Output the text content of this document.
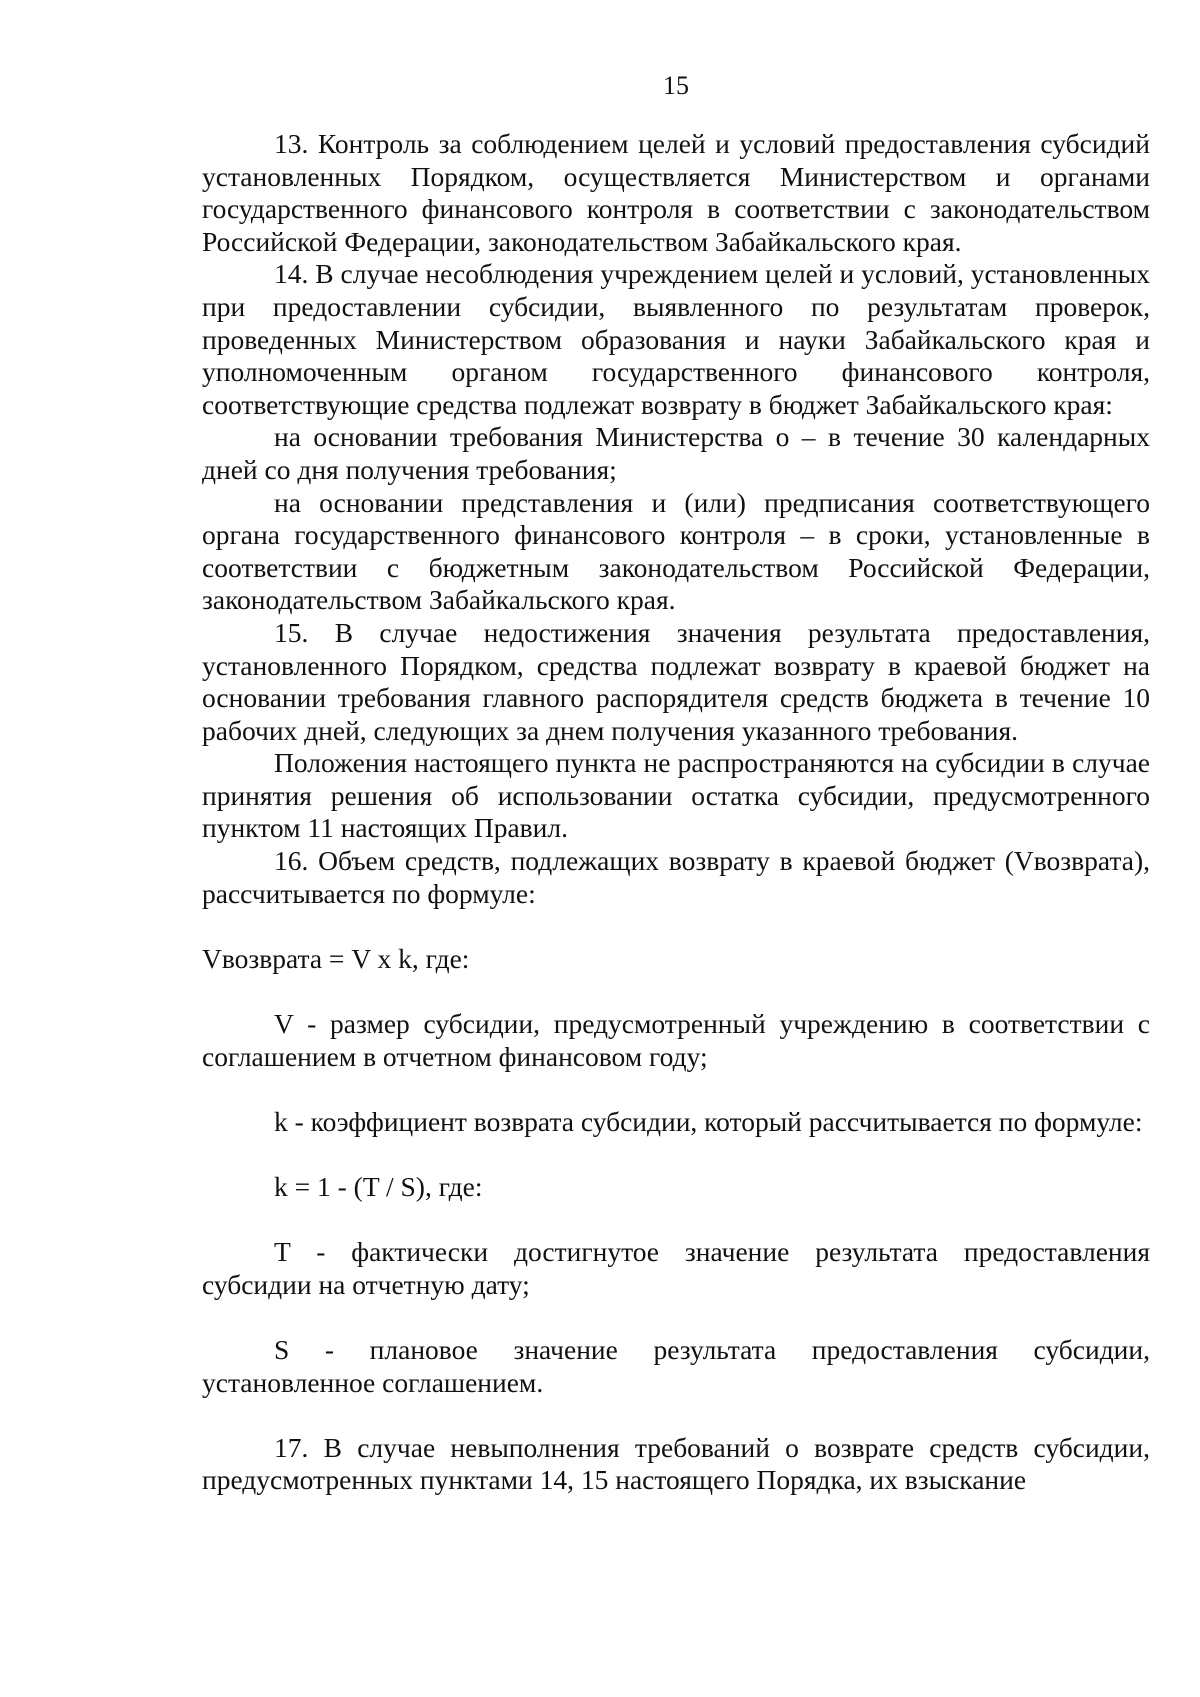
15

13. Контроль за соблюдением целей и условий предоставления субсидий установленных Порядком, осуществляется Министерством и органами государственного финансового контроля в соответствии с законодательством Российской Федерации, законодательством Забайкальского края.

14. В случае несоблюдения учреждением целей и условий, установленных при предоставлении субсидии, выявленного по результатам проверок, проведенных Министерством образования и науки Забайкальского края и уполномоченным органом государственного финансового контроля, соответствующие средства подлежат возврату в бюджет Забайкальского края:

на основании требования Министерства о – в течение 30 календарных дней со дня получения требования;

на основании представления и (или) предписания соответствующего органа государственного финансового контроля – в сроки, установленные в соответствии с бюджетным законодательством Российской Федерации, законодательством Забайкальского края.

15. В случае недостижения значения результата предоставления, установленного Порядком, средства подлежат возврату в краевой бюджет на основании требования главного распорядителя средств бюджета в течение 10 рабочих дней, следующих за днем получения указанного требования.

Положения настоящего пункта не распространяются на субсидии в случае принятия решения об использовании остатка субсидии, предусмотренного пунктом 11 настоящих Правил.

16. Объем средств, подлежащих возврату в краевой бюджет (Vвозврата), рассчитывается по формуле:

Vвозврата = V x k, где:

V - размер субсидии, предусмотренный учреждению в соответствии с соглашением в отчетном финансовом году;

k - коэффициент возврата субсидии, который рассчитывается по формуле:

k = 1 - (T / S), где:

T - фактически достигнутое значение результата предоставления субсидии на отчетную дату;

S - плановое значение результата предоставления субсидии, установленное соглашением.

17. В случае невыполнения требований о возврате средств субсидии, предусмотренных пунктами 14, 15 настоящего Порядка, их взыскание
